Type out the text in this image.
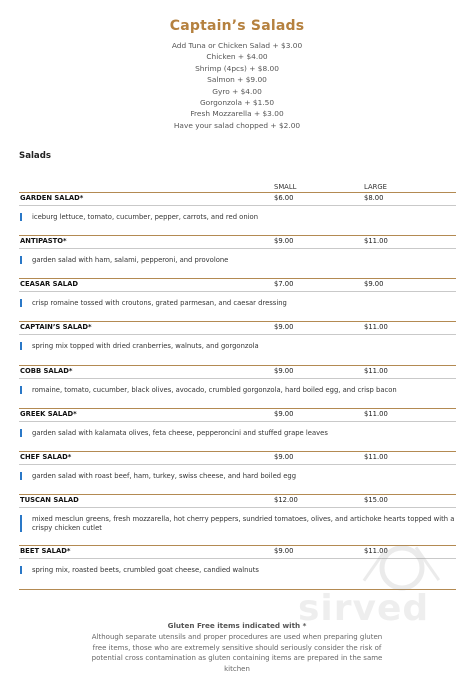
Captain’s Salads
Add Tuna or Chicken Salad + $3.00
Chicken + $4.00
Shrimp (4pcs) + $8.00
Salmon + $9.00
Gyro + $4.00
Gorgonzola + $1.50
Fresh Mozzarella + $3.00
Have your salad chopped + $2.00
Salads
SMALL	LARGE
GARDEN SALAD*	$6.00	$8.00
iceburg lettuce, tomato, cucumber, pepper, carrots, and red onion
ANTIPASTO*	$9.00	$11.00
garden salad with ham, salami, pepperoni, and provolone
CEASAR SALAD	$7.00	$9.00
crisp romaine tossed with croutons, grated parmesan, and caesar dressing
CAPTAIN’S SALAD*	$9.00	$11.00
spring mix topped with dried cranberries, walnuts, and gorgonzola
COBB SALAD*	$9.00	$11.00
romaine, tomato, cucumber, black olives, avocado, crumbled gorgonzola, hard boiled egg, and crisp bacon
GREEK SALAD*	$9.00	$11.00
garden salad with kalamata olives, feta cheese, pepperoncini and stuffed grape leaves
CHEF SALAD*	$9.00	$11.00
garden salad with roast beef, ham, turkey, swiss cheese, and hard boiled egg
TUSCAN SALAD	$12.00	$15.00
mixed mesclun greens, fresh mozzarella, hot cherry peppers, sundried tomatoes, olives, and artichoke hearts topped with a crispy chicken cutlet
BEET SALAD*	$9.00	$11.00
spring mix, roasted beets, crumbled goat cheese, candied walnuts
sirved
Gluten Free items indicated with *
Although separate utensils and proper procedures are used when preparing gluten free items, those who are extremely sensitive should seriously consider the risk of potential cross contamination as gluten containing items are prepared in the same kitchen
